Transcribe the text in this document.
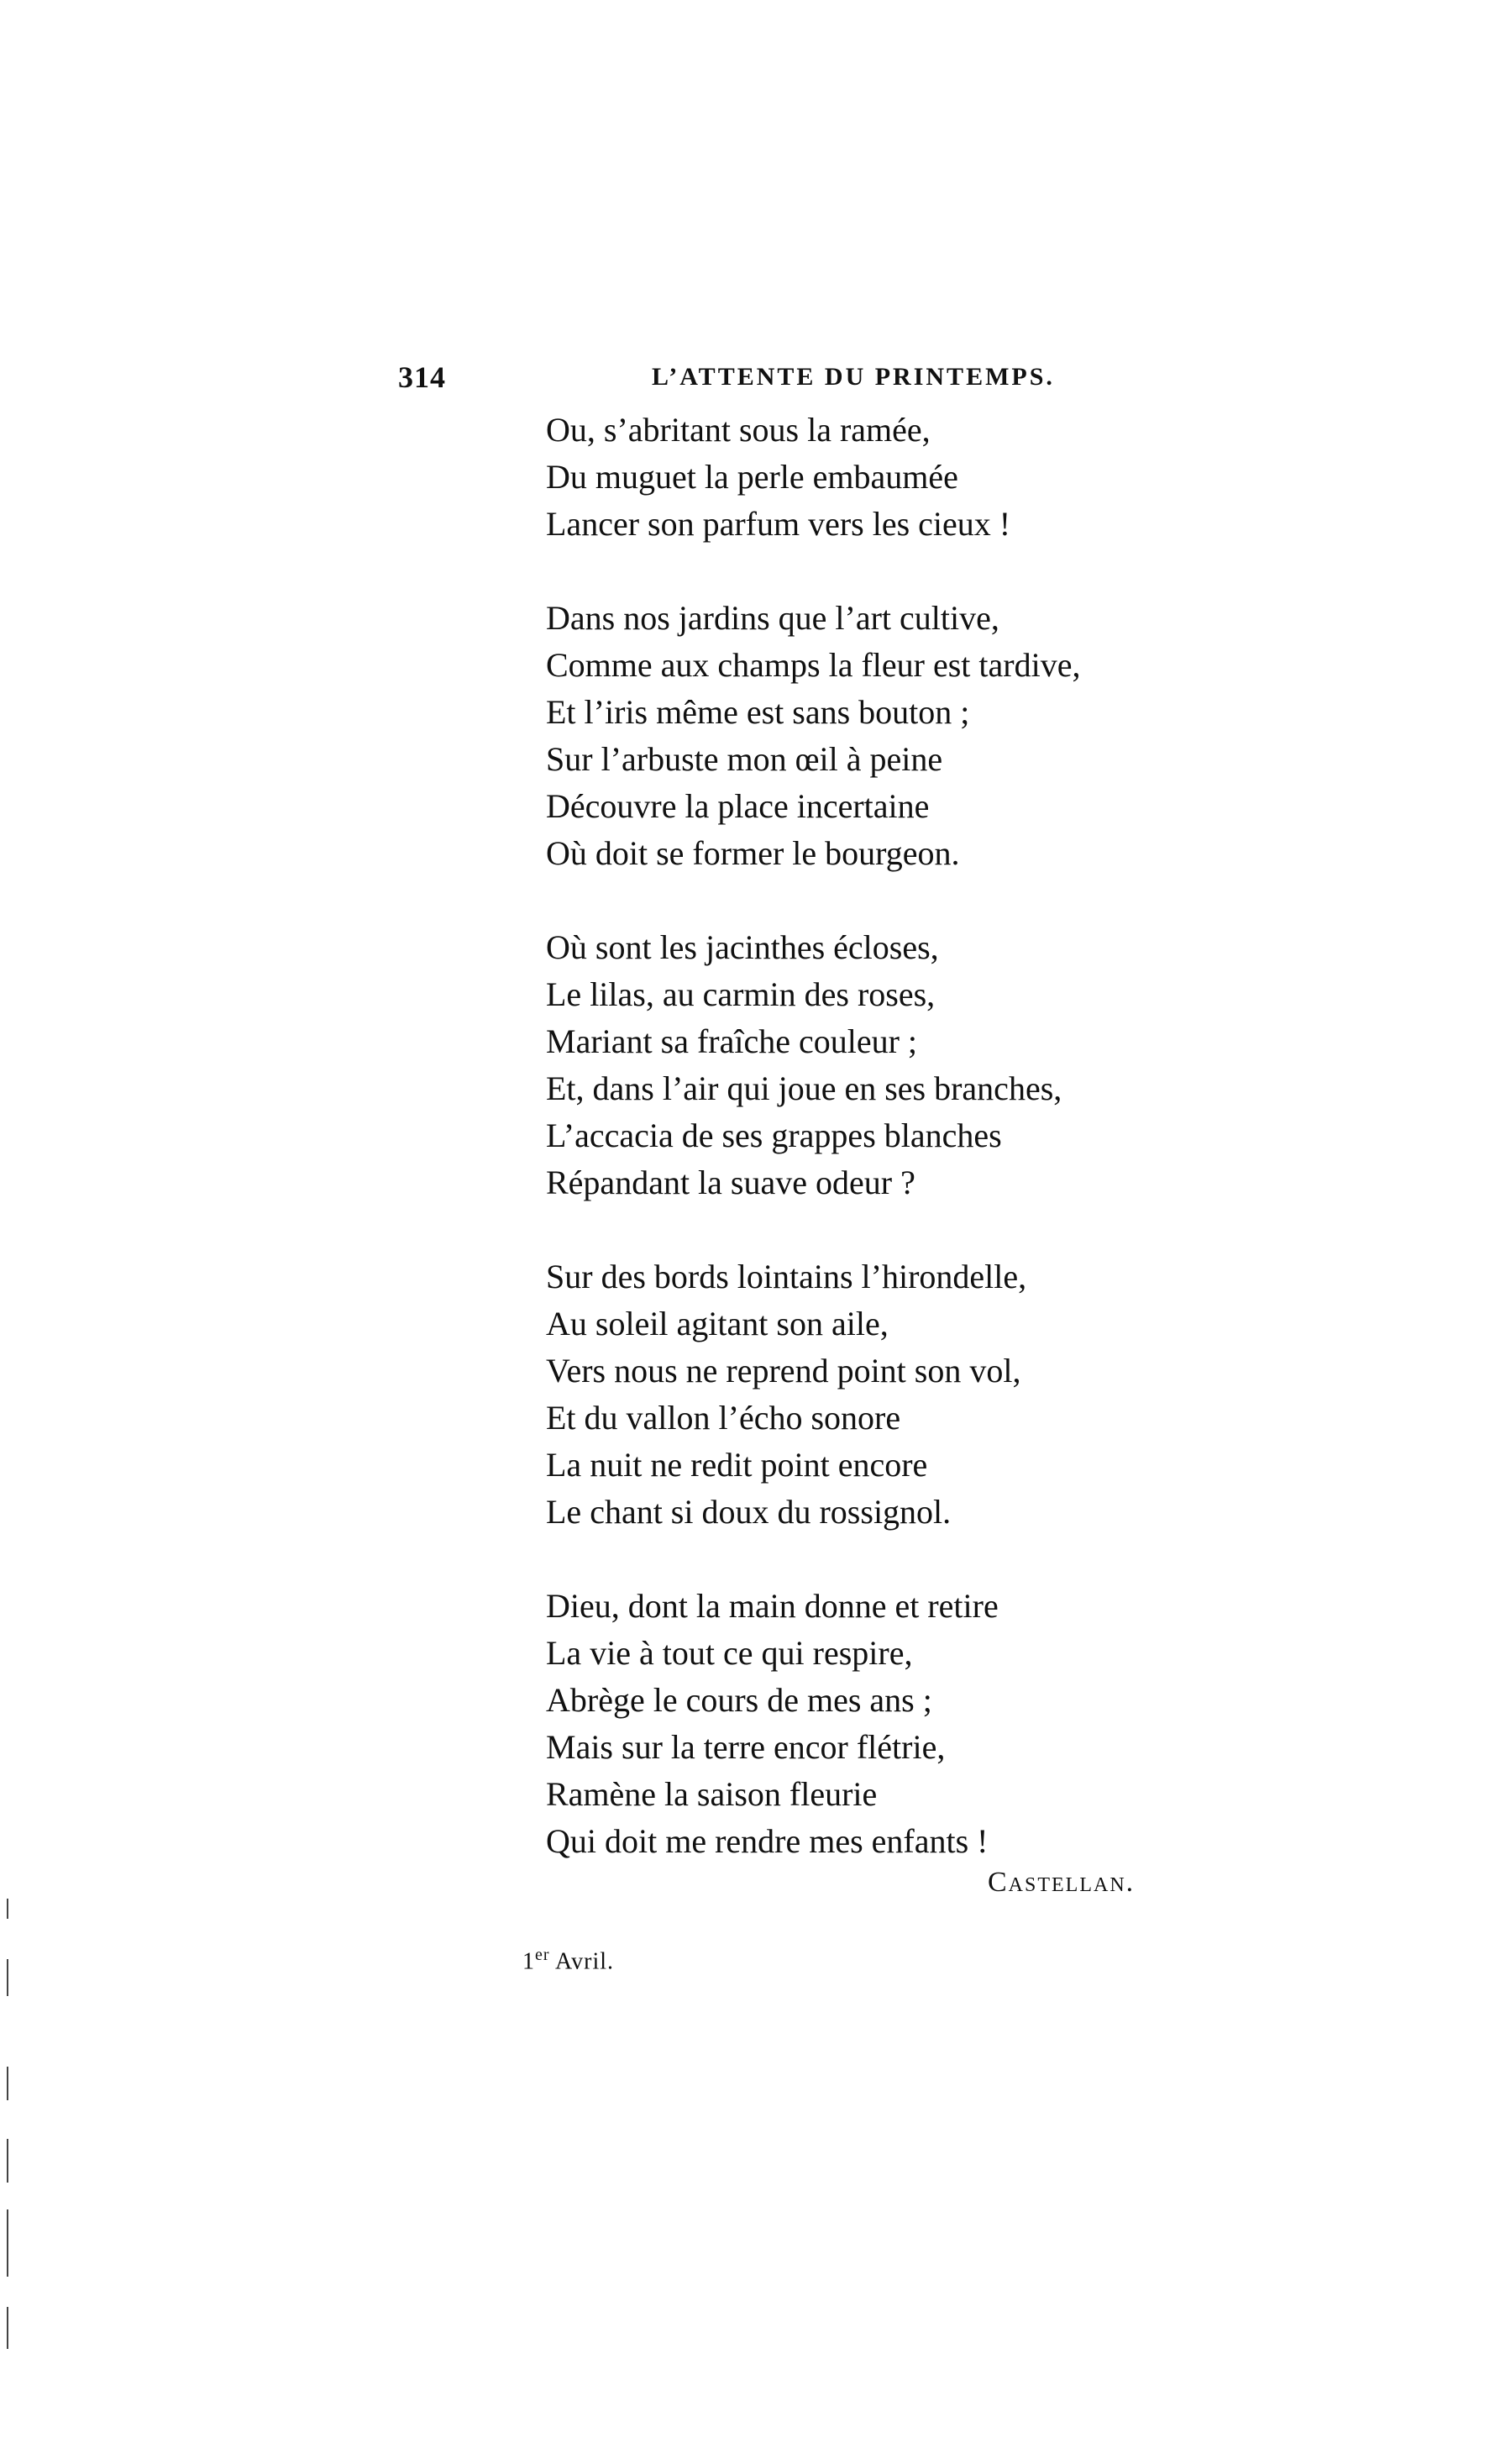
314	L’ATTENTE DU PRINTEMPS.
Ou, s’abritant sous la ramée,
Du muguet la perle embaumée
Lancer son parfum vers les cieux !
Dans nos jardins que l’art cultive,
Comme aux champs la fleur est tardive,
Et l’iris même est sans bouton ;
Sur l’arbuste mon œil à peine
Découvre la place incertaine
Où doit se former le bourgeon.
Où sont les jacinthes écloses,
Le lilas, au carmin des roses,
Mariant sa fraîche couleur ;
Et, dans l’air qui joue en ses branches,
L’accacia de ses grappes blanches
Répandant la suave odeur ?
Sur des bords lointains l’hirondelle,
Au soleil agitant son aile,
Vers nous ne reprend point son vol,
Et du vallon l’écho sonore
La nuit ne redit point encore
Le chant si doux du rossignol.
Dieu, dont la main donne et retire
La vie à tout ce qui respire,
Abrège le cours de mes ans ;
Mais sur la terre encor flétrie,
Ramène la saison fleurie
Qui doit me rendre mes enfants !
Castellan.
1er Avril.
